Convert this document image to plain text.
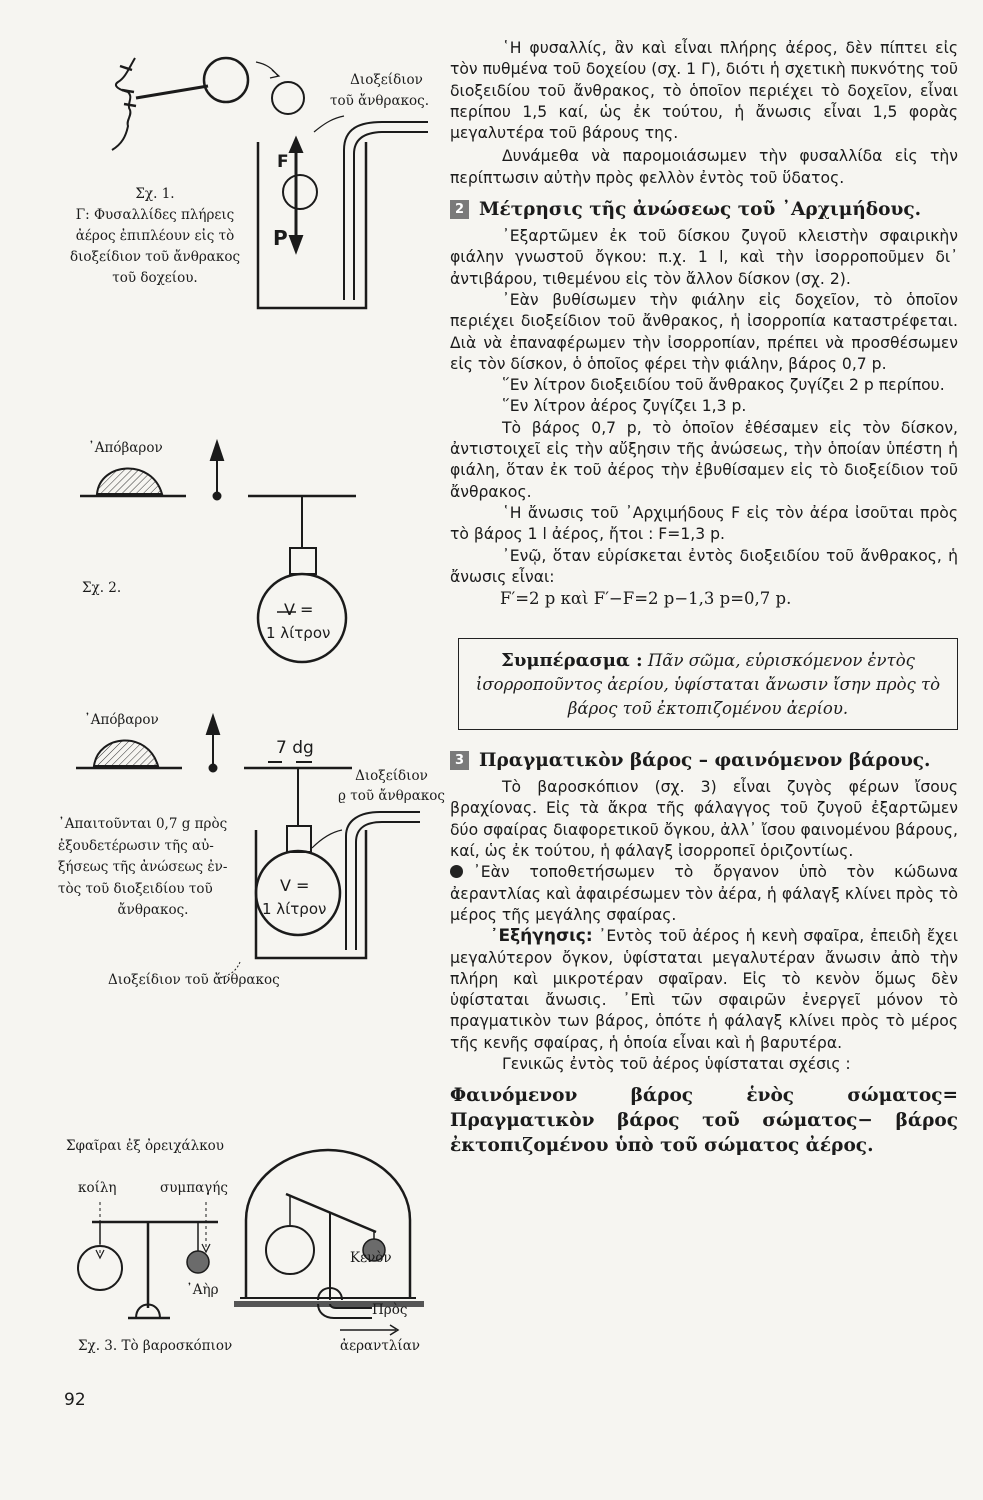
Διοξείδιον
τοῦ ἄνθρακος.
F
P
Σχ. 1.
Γ: Φυσαλλίδες πλήρεις
ἀέρος ἐπιπλέουν εἰς τὸ
διοξείδιον τοῦ ἄνθρακος
τοῦ δοχείου.
᾿Απόβαρον
Σχ. 2.
V =
1 λίτρον
᾿Απόβαρον
7 dg
Διοξείδιον
ϱ τοῦ ἄνθρακος
᾿Απαιτοῦνται 0,7 g πρὸς
ἐξουδετέρωσιν τῆς αὐ-
ξήσεως τῆς ἀνώσεως ἐν-
τὸς τοῦ διοξειδίου τοῦ
ἄνθρακος.
V =
1 λίτρον
Διοξείδιον τοῦ ἄνθρακος
Σφαῖραι ἐξ ὀρειχάλκου
κοίλη	συμπαγής
᾿Αὴρ
Κενὸν
Πρὸς
ἀεραντλίαν
Σχ. 3. Τὸ βαροσκόπιον

῾Η φυσαλλίς, ἂν καὶ εἶναι πλήρης ἀέρος, δὲν πίπτει εἰς τὸν πυθμένα τοῦ δοχείου (σχ. 1 Γ), διότι ἡ σχετικὴ πυκνότης τοῦ διοξειδίου τοῦ ἄνθρακος, τὸ ὁποῖον περιέχει τὸ δοχεῖον, εἶναι περίπου 1,5 καί, ὡς ἐκ τούτου, ἡ ἄνωσις εἶναι 1,5 φορὰς μεγαλυτέρα τοῦ βάρους της.

Δυνάμεθα νὰ παρομοιάσωμεν τὴν φυσαλλίδα εἰς τὴν περίπτωσιν αὐτὴν πρὸς φελλὸν ἐντὸς τοῦ ὕδατος.

2 Μέτρησις τῆς ἀνώσεως τοῦ ᾿Αρχιμήδους.

᾿Εξαρτῶμεν ἐκ τοῦ δίσκου ζυγοῦ κλειστὴν σφαιρικὴν φιάλην γνωστοῦ ὄγκου: π.χ. 1 l, καὶ τὴν ἰσορροποῦμεν δι᾿ ἀντιβάρου, τιθεμένου εἰς τὸν ἄλλον δίσκον (σχ. 2).

᾿Εὰν βυθίσωμεν τὴν φιάλην εἰς δοχεῖον, τὸ ὁποῖον περιέχει διοξείδιον τοῦ ἄνθρακος, ἡ ἰσορροπία καταστρέφεται. Διὰ νὰ ἐπαναφέρωμεν τὴν ἰσορροπίαν, πρέπει νὰ προσθέσωμεν εἰς τὸν δίσκον, ὁ ὁποῖος φέρει τὴν φιάλην, βάρος 0,7 p.

῞Εν λίτρον διοξειδίου τοῦ ἄνθρακος ζυγίζει 2 p περίπου.

῞Εν λίτρον ἀέρος ζυγίζει 1,3 p.

Τὸ βάρος 0,7 p, τὸ ὁποῖον ἐθέσαμεν εἰς τὸν δίσκον, ἀντιστοιχεῖ εἰς τὴν αὔξησιν τῆς ἀνώσεως, τὴν ὁποίαν ὑπέστη ἡ φιάλη, ὅταν ἐκ τοῦ ἀέρος τὴν ἐβυθίσαμεν εἰς τὸ διοξείδιον τοῦ ἄνθρακος.

῾Η ἄνωσις τοῦ ᾿Αρχιμήδους F εἰς τὸν ἀέρα ἰσοῦται πρὸς τὸ βάρος 1 l ἀέρος, ἤτοι : F=1,3 p.

᾿Ενῷ, ὅταν εὑρίσκεται ἐντὸς διοξειδίου τοῦ ἄνθρακος, ἡ ἄνωσις εἶναι:

F′=2 p καὶ F′−F=2 p−1,3 p=0,7 p.
Συμπέρασμα : Πᾶν σῶμα, εὑρισκόμενον ἐντὸς ἰσορροποῦντος ἀερίου, ὑφίσταται ἄνωσιν ἴσην πρὸς τὸ βάρος τοῦ ἐκτοπιζομένου ἀερίου.
3 Πραγματικὸν βάρος – φαινόμενον βάρους.

Τὸ βαροσκόπιον (σχ. 3) εἶναι ζυγὸς φέρων ἴσους βραχίονας. Εἰς τὰ ἄκρα τῆς φάλαγγος τοῦ ζυγοῦ ἐξαρτῶμεν δύο σφαίρας διαφορετικοῦ ὄγκου, ἀλλ᾿ ἴσου φαινομένου βάρους, καί, ὡς ἐκ τούτου, ἡ φάλαγξ ἰσορροπεῖ ὁριζοντίως.

᾿Εὰν τοποθετήσωμεν τὸ ὄργανον ὑπὸ τὸν κώδωνα ἀεραντλίας καὶ ἀφαιρέσωμεν τὸν ἀέρα, ἡ φάλαγξ κλίνει πρὸς τὸ μέρος τῆς μεγάλης σφαίρας.

᾿Εξήγησις: ᾿Εντὸς τοῦ ἀέρος ἡ κενὴ σφαῖρα, ἐπειδὴ ἔχει μεγαλύτερον ὄγκον, ὑφίσταται μεγαλυτέραν ἄνωσιν ἀπὸ τὴν πλήρη καὶ μικροτέραν σφαῖραν. Εἰς τὸ κενὸν ὅμως δὲν ὑφίσταται ἄνωσις. ᾿Επὶ τῶν σφαιρῶν ἐνεργεῖ μόνον τὸ πραγματικὸν των βάρος, ὁπότε ἡ φάλαγξ κλίνει πρὸς τὸ μέρος τῆς κενῆς σφαίρας, ἡ ὁποία εἶναι καὶ ἡ βαρυτέρα.

Γενικῶς ἐντὸς τοῦ ἀέρος ὑφίσταται σχέσις :

Φαινόμενον βάρος ἑνὸς σώματος= Πραγματικὸν βάρος τοῦ σώματος− βάρος ἐκτοπιζομένου ὑπὸ τοῦ σώματος ἀέρος.
92
